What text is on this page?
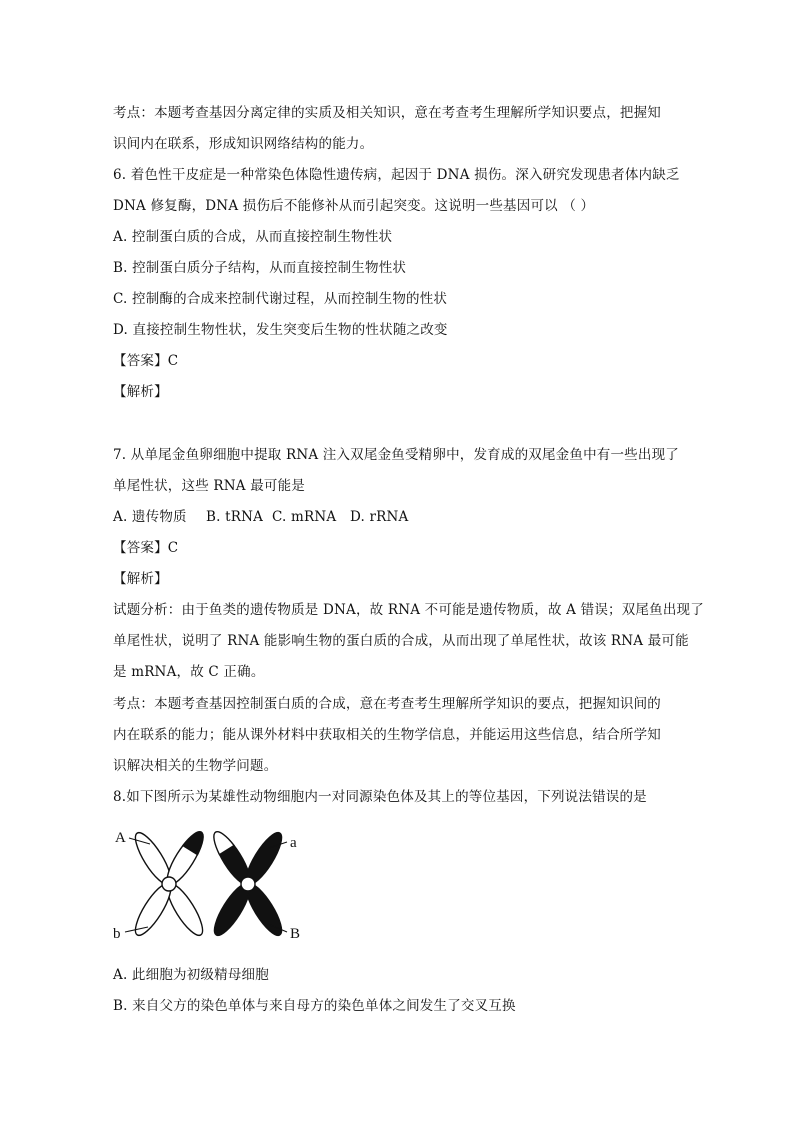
考点：本题考查基因分离定律的实质及相关知识，意在考查考生理解所学知识要点，把握知
识间内在联系，形成知识网络结构的能力。
6. 着色性干皮症是一种常染色体隐性遗传病，起因于 DNA 损伤。深入研究发现患者体内缺乏
DNA 修复酶，DNA 损伤后不能修补从而引起突变。这说明一些基因可以 （ ）
A. 控制蛋白质的合成，从而直接控制生物性状
B. 控制蛋白质分子结构，从而直接控制生物性状
C. 控制酶的合成来控制代谢过程，从而控制生物的性状
D. 直接控制生物性状，发生突变后生物的性状随之改变
【答案】C
【解析】
7. 从单尾金鱼卵细胞中提取 RNA 注入双尾金鱼受精卵中，发育成的双尾金鱼中有一些出现了
单尾性状，这些 RNA 最可能是
A. 遗传物质 B. tRNA C. mRNA D. rRNA
【答案】C
【解析】
试题分析：由于鱼类的遗传物质是 DNA，故 RNA 不可能是遗传物质，故 A 错误；双尾鱼出现了
单尾性状，说明了 RNA 能影响生物的蛋白质的合成，从而出现了单尾性状，故该 RNA 最可能
是 mRNA，故 C 正确。
考点：本题考查基因控制蛋白质的合成，意在考查考生理解所学知识的要点，把握知识间的
内在联系的能力；能从课外材料中获取相关的生物学信息，并能运用这些信息，结合所学知
识解决相关的生物学问题。
8.如下图所示为某雄性动物细胞内一对同源染色体及其上的等位基因，下列说法错误的是
A
b
a
B
A. 此细胞为初级精母细胞
B. 来自父方的染色单体与来自母方的染色单体之间发生了交叉互换
